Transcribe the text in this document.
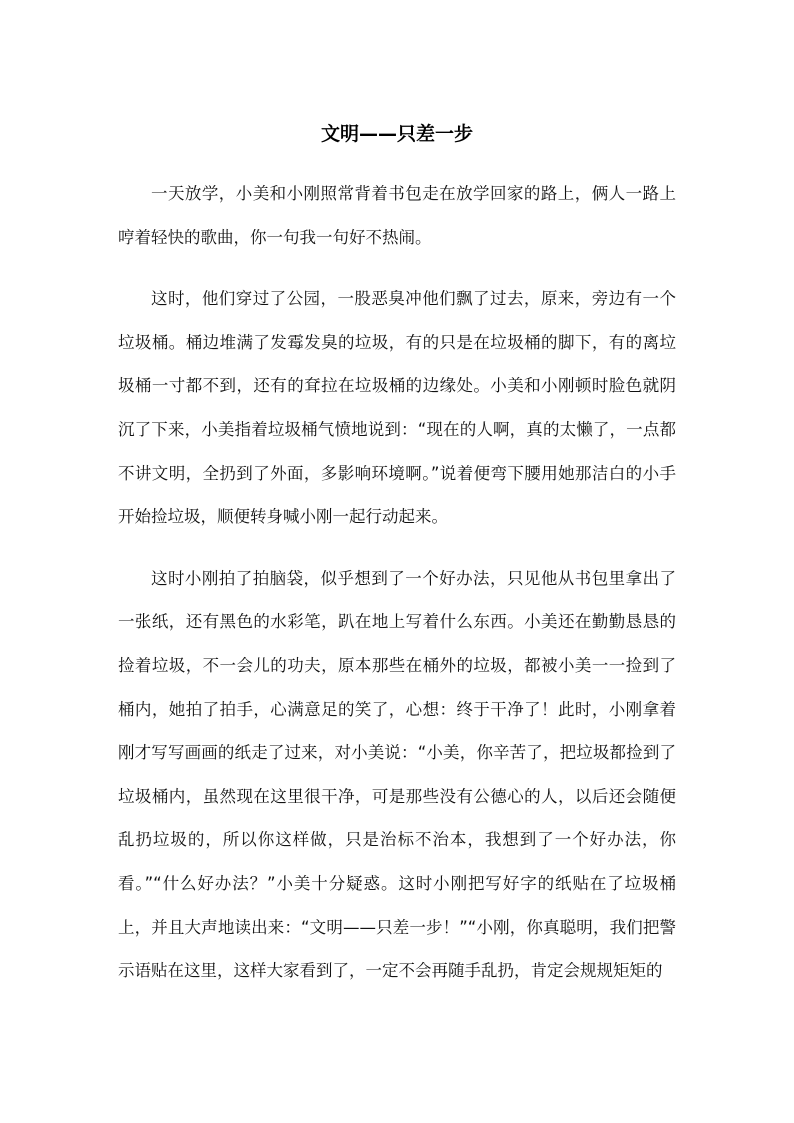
文明——只差一步

一天放学，小美和小刚照常背着书包走在放学回家的路上，俩人一路上哼着轻快的歌曲，你一句我一句好不热闹。

这时，他们穿过了公园，一股恶臭冲他们飘了过去，原来，旁边有一个垃圾桶。桶边堆满了发霉发臭的垃圾，有的只是在垃圾桶的脚下，有的离垃圾桶一寸都不到，还有的耷拉在垃圾桶的边缘处。小美和小刚顿时脸色就阴沉了下来，小美指着垃圾桶气愤地说到：“现在的人啊，真的太懒了，一点都不讲文明，全扔到了外面，多影响环境啊。”说着便弯下腰用她那洁白的小手开始捡垃圾，顺便转身喊小刚一起行动起来。

这时小刚拍了拍脑袋，似乎想到了一个好办法，只见他从书包里拿出了一张纸，还有黑色的水彩笔，趴在地上写着什么东西。小美还在勤勤恳恳的捡着垃圾，不一会儿的功夫，原本那些在桶外的垃圾，都被小美一一捡到了桶内，她拍了拍手，心满意足的笑了，心想：终于干净了！此时，小刚拿着刚才写写画画的纸走了过来，对小美说：“小美，你辛苦了，把垃圾都捡到了垃圾桶内，虽然现在这里很干净，可是那些没有公德心的人，以后还会随便乱扔垃圾的，所以你这样做，只是治标不治本，我想到了一个好办法，你看。”“什么好办法？”小美十分疑惑。这时小刚把写好字的纸贴在了垃圾桶上，并且大声地读出来：“文明——只差一步！”“小刚，你真聪明，我们把警示语贴在这里，这样大家看到了，一定不会再随手乱扔，肯定会规规矩矩的
